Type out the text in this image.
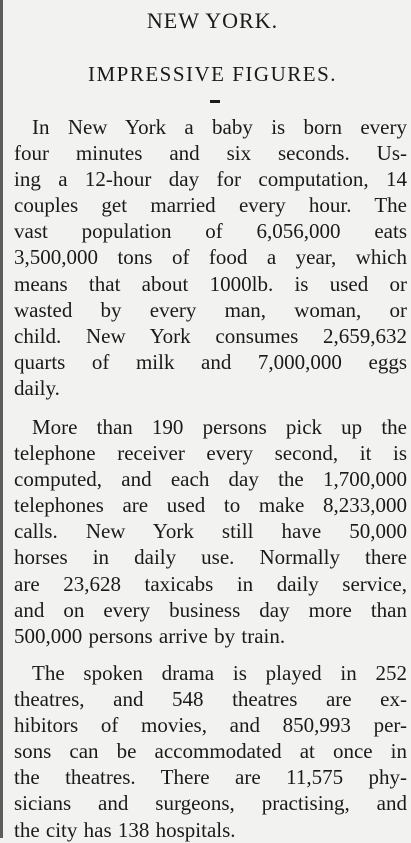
NEW YORK.
IMPRESSIVE FIGURES.

In New York a baby is born every
four minutes and six seconds. Us-
ing a 12-hour day for computation, 14
couples get married every hour. The
vast population of 6,056,000 eats
3,500,000 tons of food a year, which
means that about 1000lb. is used or
wasted by every man, woman, or
child. New York consumes 2,659,632
quarts of milk and 7,000,000 eggs
daily.

More than 190 persons pick up the
telephone receiver every second, it is
computed, and each day the 1,700,000
telephones are used to make 8,233,000
calls. New York still have 50,000
horses in daily use. Normally there
are 23,628 taxicabs in daily service,
and on every business day more than
500,000 persons arrive by train.

The spoken drama is played in 252
theatres, and 548 theatres are ex-
hibitors of movies, and 850,993 per-
sons can be accommodated at once in
the theatres. There are 11,575 phy-
sicians and surgeons, practising, and
the city has 138 hospitals.
